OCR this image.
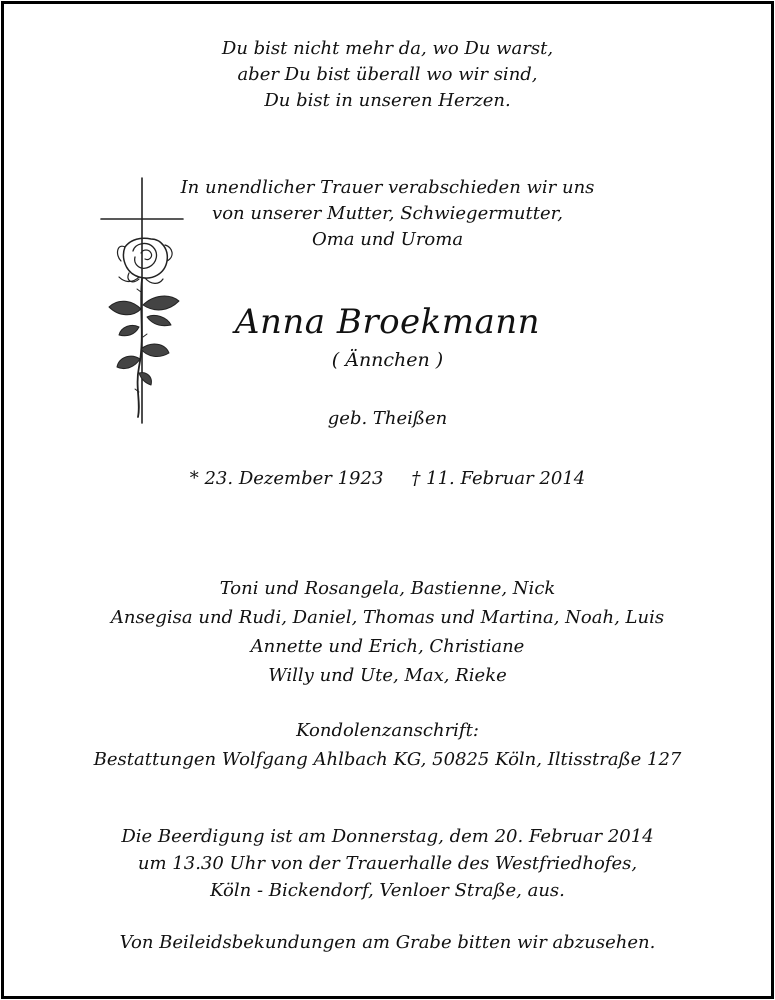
Du bist nicht mehr da, wo Du warst,
aber Du bist überall wo wir sind,
Du bist in unseren Herzen.
In unendlicher Trauer verabschieden wir uns
von unserer Mutter, Schwiegermutter,
Oma und Uroma
Anna Broekmann
( Ännchen )
geb. Theißen
* 23. Dezember 1923 † 11. Februar 2014
Toni und Rosangela, Bastienne, Nick
Ansegisa und Rudi, Daniel, Thomas und Martina, Noah, Luis
Annette und Erich, Christiane
Willy und Ute, Max, Rieke
Kondolenzanschrift:
Bestattungen Wolfgang Ahlbach KG, 50825 Köln, Iltisstraße 127
Die Beerdigung ist am Donnerstag, dem 20. Februar 2014
um 13.30 Uhr von der Trauerhalle des Westfriedhofes,
Köln - Bickendorf, Venloer Straße, aus.
Von Beileidsbekundungen am Grabe bitten wir abzusehen.
